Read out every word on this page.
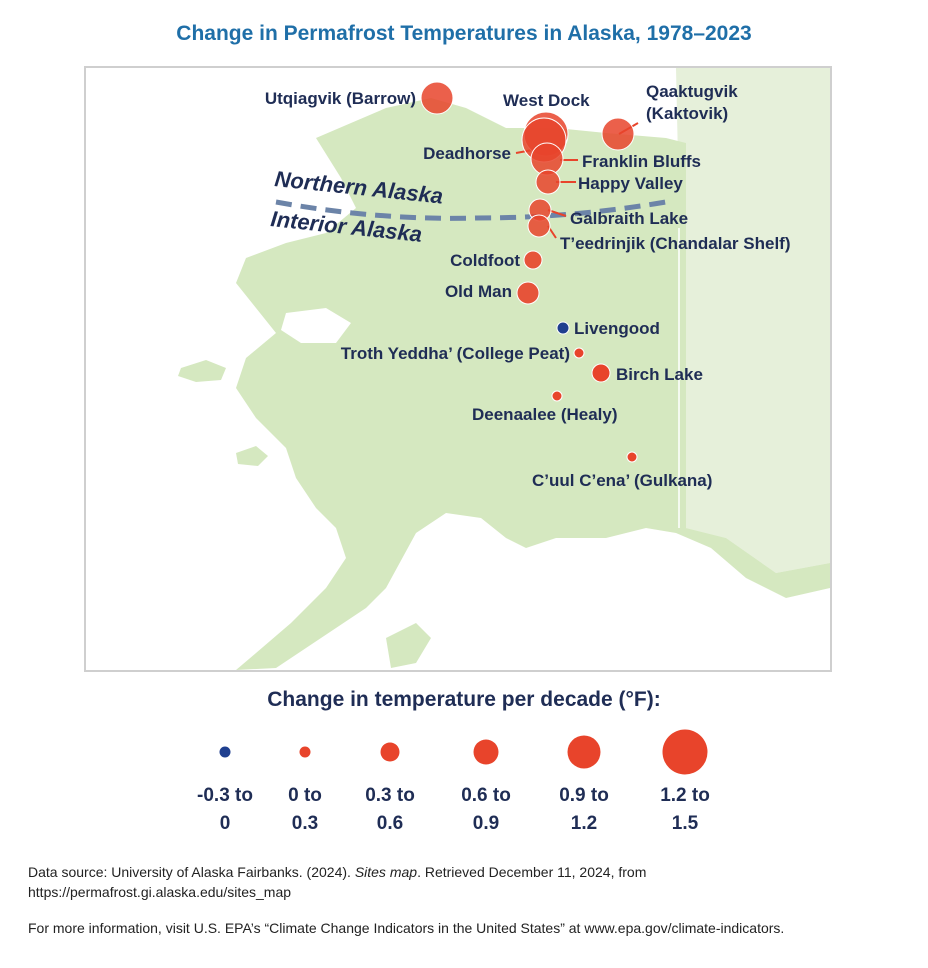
Change in Permafrost Temperatures in Alaska, 1978–2023
Northern Alaska
Interior Alaska
Utqiagvik (Barrow)	West Dock	Qaaktugvik
(Kaktovik)
Deadhorse	Franklin Bluffs
Happy Valley
Galbraith Lake
T’eedrinjik (Chandalar Shelf)
Coldfoot
Old Man
Livengood
Troth Yeddha’ (College Peat)
Birch Lake
Deenaalee (Healy)
C’uul C’ena’ (Gulkana)
Change in temperature per decade (°F):
-0.3 to
0
0 to
0.3
0.3 to
0.6
0.6 to
0.9
0.9 to
1.2
1.2 to
1.5
Data source: University of Alaska Fairbanks. (2024). Sites map. Retrieved December 11, 2024, from
https://permafrost.gi.alaska.edu/sites_map
For more information, visit U.S. EPA’s “Climate Change Indicators in the United States” at www.epa.gov/climate-indicators.
